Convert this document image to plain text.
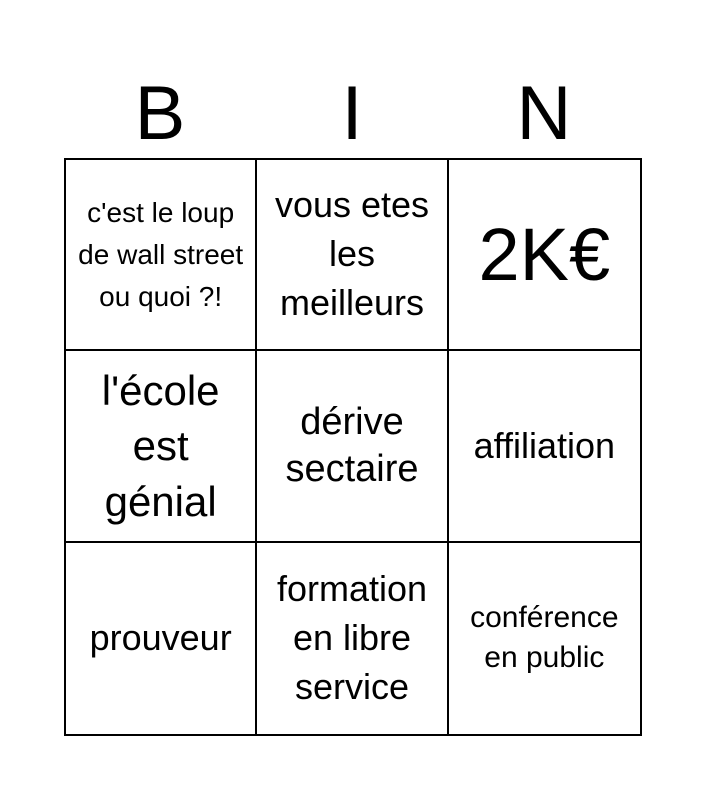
B	I	N
c'est le loup de wall street ou quoi ?!
vous etes les meilleurs
2K€
l'école est génial
dérive sectaire
affiliation
prouveur
formation en libre service
conférence en public
